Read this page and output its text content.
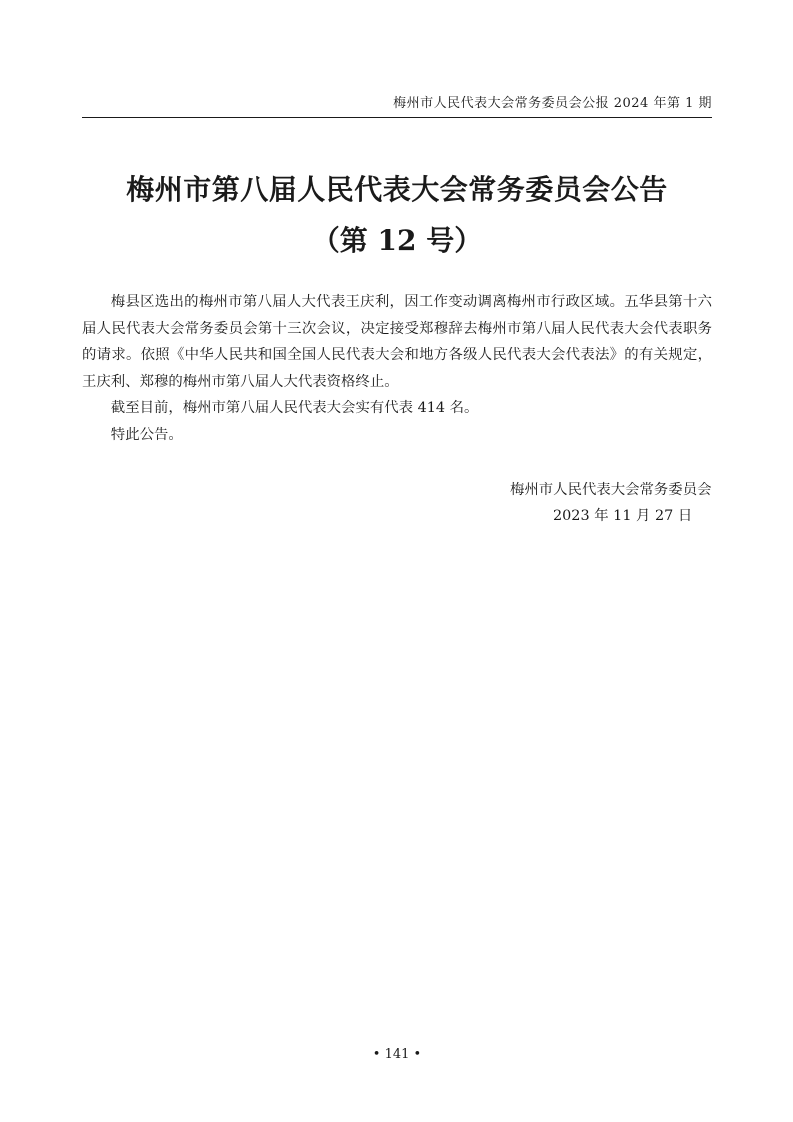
梅州市人民代表大会常务委员会公报 2024 年第 1 期
梅州市第八届人民代表大会常务委员会公告
（第 12 号）

梅县区选出的梅州市第八届人大代表王庆利，因工作变动调离梅州市行政区域。五华县第十六届人民代表大会常务委员会第十三次会议，决定接受郑穆辞去梅州市第八届人民代表大会代表职务的请求。依照《中华人民共和国全国人民代表大会和地方各级人民代表大会代表法》的有关规定，王庆利、郑穆的梅州市第八届人大代表资格终止。

截至目前，梅州市第八届人民代表大会实有代表 414 名。

特此公告。

梅州市人民代表大会常务委员会
2023 年 11 月 27 日
• 141 •
